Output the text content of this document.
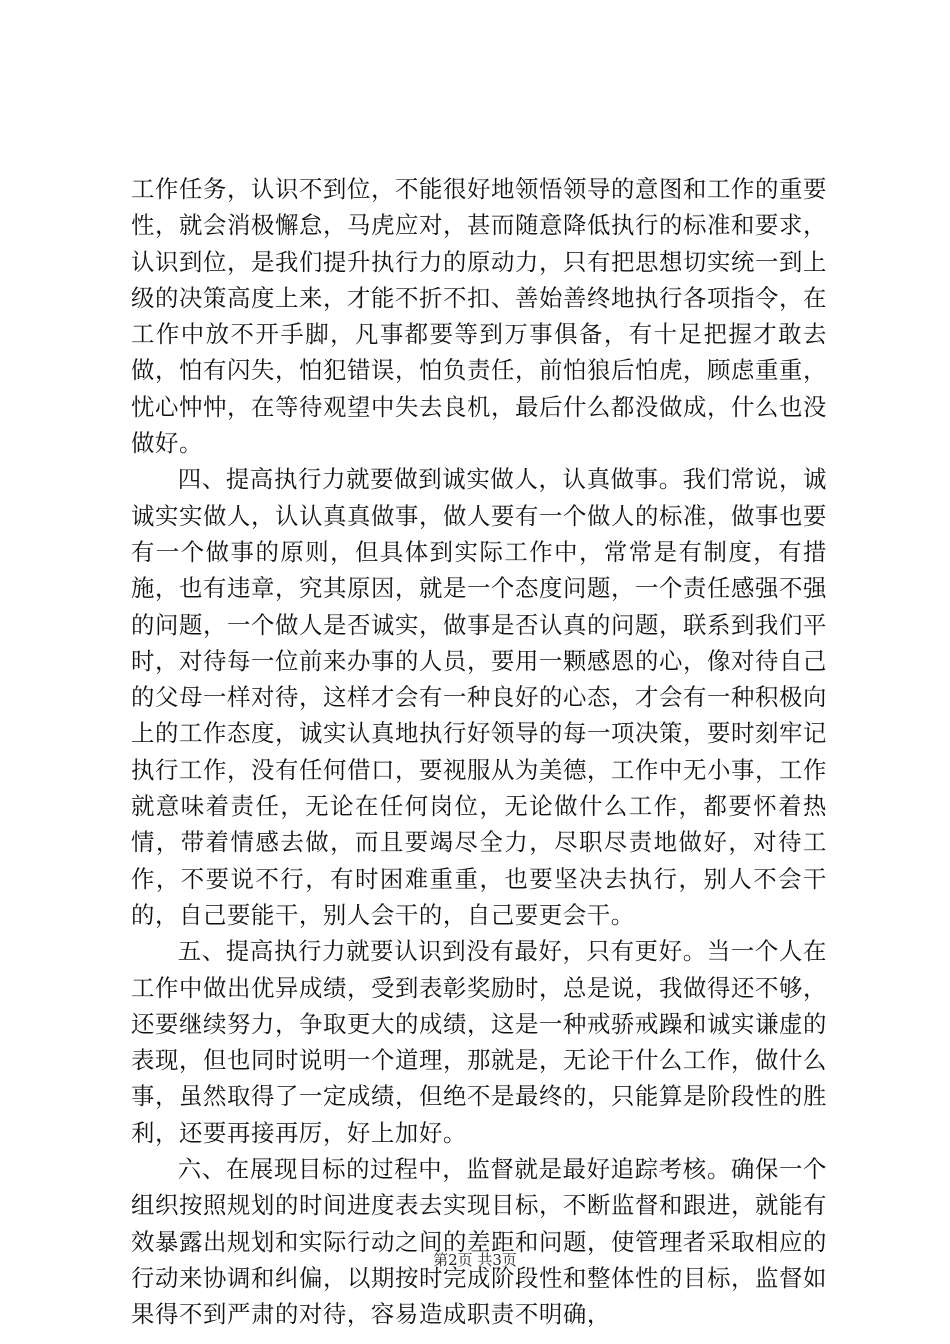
工作任务，认识不到位，不能很好地领悟领导的意图和工作的重要性，就会消极懈怠，马虎应对，甚而随意降低执行的标准和要求，认识到位，是我们提升执行力的原动力，只有把思想切实统一到上级的决策高度上来，才能不折不扣、善始善终地执行各项指令，在工作中放不开手脚，凡事都要等到万事俱备，有十足把握才敢去做，怕有闪失，怕犯错误，怕负责任，前怕狼后怕虎，顾虑重重，忧心忡忡，在等待观望中失去良机，最后什么都没做成，什么也没做好。

四、提高执行力就要做到诚实做人，认真做事。我们常说，诚诚实实做人，认认真真做事，做人要有一个做人的标准，做事也要有一个做事的原则，但具体到实际工作中，常常是有制度，有措施，也有违章，究其原因，就是一个态度问题，一个责任感强不强的问题，一个做人是否诚实，做事是否认真的问题，联系到我们平时，对待每一位前来办事的人员，要用一颗感恩的心，像对待自己的父母一样对待，这样才会有一种良好的心态，才会有一种积极向上的工作态度，诚实认真地执行好领导的每一项决策，要时刻牢记执行工作，没有任何借口，要视服从为美德，工作中无小事，工作就意味着责任，无论在任何岗位，无论做什么工作，都要怀着热情，带着情感去做，而且要竭尽全力，尽职尽责地做好，对待工作，不要说不行，有时困难重重，也要坚决去执行，别人不会干的，自己要能干，别人会干的，自己要更会干。

五、提高执行力就要认识到没有最好，只有更好。当一个人在工作中做出优异成绩，受到表彰奖励时，总是说，我做得还不够，还要继续努力，争取更大的成绩，这是一种戒骄戒躁和诚实谦虚的表现，但也同时说明一个道理，那就是，无论干什么工作，做什么事，虽然取得了一定成绩，但绝不是最终的，只能算是阶段性的胜利，还要再接再厉，好上加好。

六、在展现目标的过程中，监督就是最好追踪考核。确保一个组织按照规划的时间进度表去实现目标，不断监督和跟进，就能有效暴露出规划和实际行动之间的差距和问题，使管理者采取相应的行动来协调和纠偏，以期按时完成阶段性和整体性的目标，监督如果得不到严肃的对待，容易造成职责不明确，

第2页 共3页
